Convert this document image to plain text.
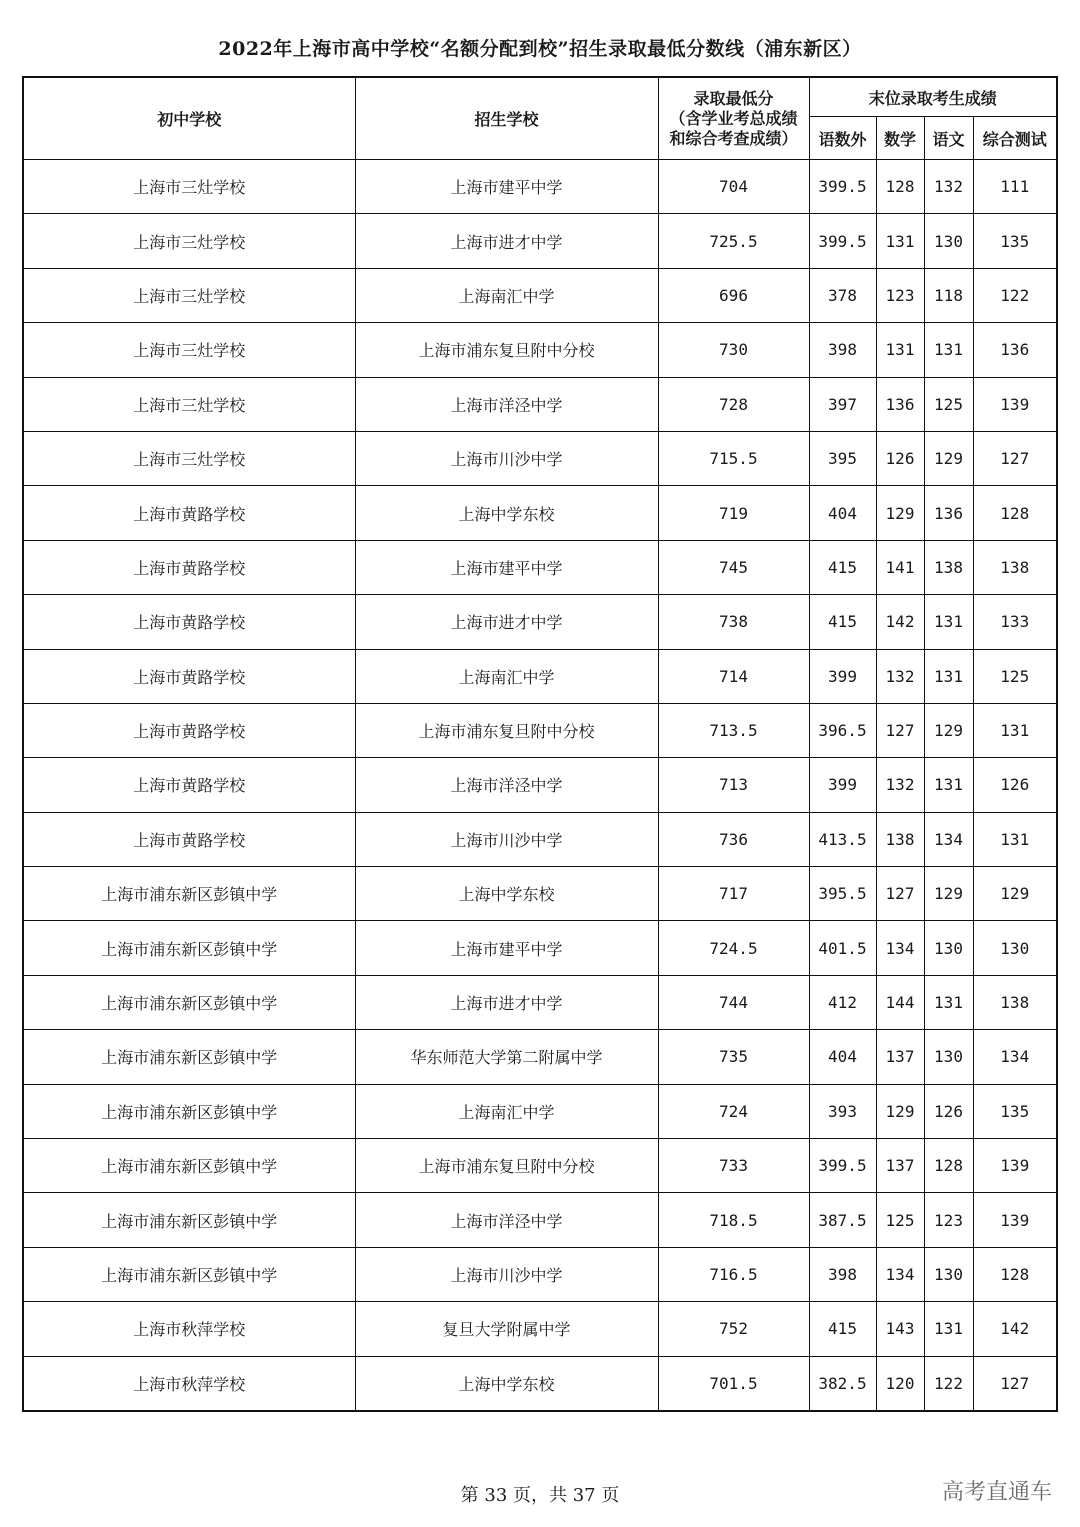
2022年上海市高中学校“名额分配到校”招生录取最低分数线（浦东新区）
初中学校	招生学校	录取最低分
（含学业考总成绩和综合考查成绩）	末位录取考生成绩			
			语数外	数学	语文	综合测试
上海市三灶学校	上海市建平中学	704	399.5	128	132	111
上海市三灶学校	上海市进才中学	725.5	399.5	131	130	135
上海市三灶学校	上海南汇中学	696	378	123	118	122
上海市三灶学校	上海市浦东复旦附中分校	730	398	131	131	136
上海市三灶学校	上海市洋泾中学	728	397	136	125	139
上海市三灶学校	上海市川沙中学	715.5	395	126	129	127
上海市黄路学校	上海中学东校	719	404	129	136	128
上海市黄路学校	上海市建平中学	745	415	141	138	138
上海市黄路学校	上海市进才中学	738	415	142	131	133
上海市黄路学校	上海南汇中学	714	399	132	131	125
上海市黄路学校	上海市浦东复旦附中分校	713.5	396.5	127	129	131
上海市黄路学校	上海市洋泾中学	713	399	132	131	126
上海市黄路学校	上海市川沙中学	736	413.5	138	134	131
上海市浦东新区彭镇中学	上海中学东校	717	395.5	127	129	129
上海市浦东新区彭镇中学	上海市建平中学	724.5	401.5	134	130	130
上海市浦东新区彭镇中学	上海市进才中学	744	412	144	131	138
上海市浦东新区彭镇中学	华东师范大学第二附属中学	735	404	137	130	134
上海市浦东新区彭镇中学	上海南汇中学	724	393	129	126	135
上海市浦东新区彭镇中学	上海市浦东复旦附中分校	733	399.5	137	128	139
上海市浦东新区彭镇中学	上海市洋泾中学	718.5	387.5	125	123	139
上海市浦东新区彭镇中学	上海市川沙中学	716.5	398	134	130	128
上海市秋萍学校	复旦大学附属中学	752	415	143	131	142
上海市秋萍学校	上海中学东校	701.5	382.5	120	122	127
第 33 页，共 37 页	高考直通车
